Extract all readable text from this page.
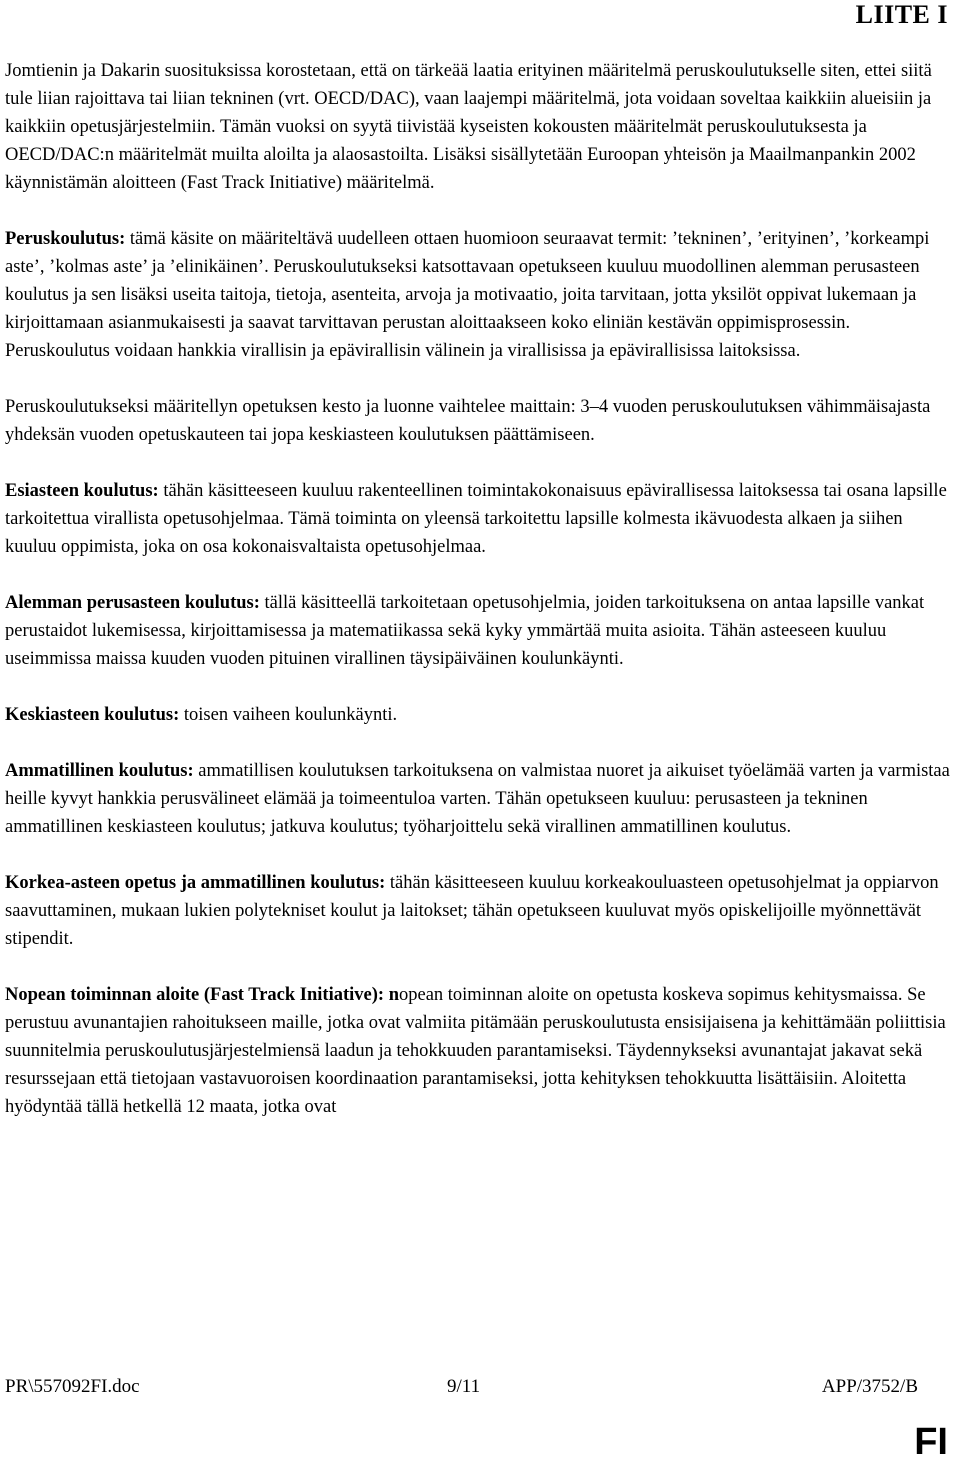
LIITE I

Jomtienin ja Dakarin suosituksissa korostetaan, että on tärkeää laatia erityinen määritelmä peruskoulutukselle siten, ettei siitä tule liian rajoittava tai liian tekninen (vrt. OECD/DAC), vaan laajempi määritelmä, jota voidaan soveltaa kaikkiin alueisiin ja kaikkiin opetusjärjestelmiin. Tämän vuoksi on syytä tiivistää kyseisten kokousten määritelmät peruskoulutuksesta ja OECD/DAC:n määritelmät muilta aloilta ja alaosastoilta. Lisäksi sisällytetään Euroopan yhteisön ja Maailmanpankin 2002 käynnistämän aloitteen (Fast Track Initiative) määritelmä.

Peruskoulutus: tämä käsite on määriteltävä uudelleen ottaen huomioon seuraavat termit: ’tekninen’, ’erityinen’, ’korkeampi aste’, ’kolmas aste’ ja ’elinikäinen’. Peruskoulutukseksi katsottavaan opetukseen kuuluu muodollinen alemman perusasteen koulutus ja sen lisäksi useita taitoja, tietoja, asenteita, arvoja ja motivaatio, joita tarvitaan, jotta yksilöt oppivat lukemaan ja kirjoittamaan asianmukaisesti ja saavat tarvittavan perustan aloittaakseen koko eliniän kestävän oppimisprosessin. Peruskoulutus voidaan hankkia virallisin ja epävirallisin välinein ja virallisissa ja epävirallisissa laitoksissa.

Peruskoulutukseksi määritellyn opetuksen kesto ja luonne vaihtelee maittain: 3–4 vuoden peruskoulutuksen vähimmäisajasta yhdeksän vuoden opetuskauteen tai jopa keskiasteen koulutuksen päättämiseen.

Esiasteen koulutus: tähän käsitteeseen kuuluu rakenteellinen toimintakokonaisuus epävirallisessa laitoksessa tai osana lapsille tarkoitettua virallista opetusohjelmaa. Tämä toiminta on yleensä tarkoitettu lapsille kolmesta ikävuodesta alkaen ja siihen kuuluu oppimista, joka on osa kokonaisvaltaista opetusohjelmaa.

Alemman perusasteen koulutus: tällä käsitteellä tarkoitetaan opetusohjelmia, joiden tarkoituksena on antaa lapsille vankat perustaidot lukemisessa, kirjoittamisessa ja matematiikassa sekä kyky ymmärtää muita asioita. Tähän asteeseen kuuluu useimmissa maissa kuuden vuoden pituinen virallinen täysipäiväinen koulunkäynti.

Keskiasteen koulutus: toisen vaiheen koulunkäynti.

Ammatillinen koulutus: ammatillisen koulutuksen tarkoituksena on valmistaa nuoret ja aikuiset työelämää varten ja varmistaa heille kyvyt hankkia perusvälineet elämää ja toimeentuloa varten. Tähän opetukseen kuuluu: perusasteen ja tekninen ammatillinen keskiasteen koulutus; jatkuva koulutus; työharjoittelu sekä virallinen ammatillinen koulutus.

Korkea-asteen opetus ja ammatillinen koulutus: tähän käsitteeseen kuuluu korkeakouluasteen opetusohjelmat ja oppiarvon saavuttaminen, mukaan lukien polytekniset koulut ja laitokset; tähän opetukseen kuuluvat myös opiskelijoille myönnettävät stipendit.

Nopean toiminnan aloite (Fast Track Initiative): nopean toiminnan aloite on opetusta koskeva sopimus kehitysmaissa. Se perustuu avunantajien rahoitukseen maille, jotka ovat valmiita pitämään peruskoulutusta ensisijaisena ja kehittämään poliittisia suunnitelmia peruskoulutusjärjestelmiensä laadun ja tehokkuuden parantamiseksi. Täydennykseksi avunantajat jakavat sekä resurssejaan että tietojaan vastavuoroisen koordinaation parantamiseksi, jotta kehityksen tehokkuutta lisättäisiin. Aloitetta hyödyntää tällä hetkellä 12 maata, jotka ovat

PR\557092FI.doc	9/11	APP/3752/B
FI
